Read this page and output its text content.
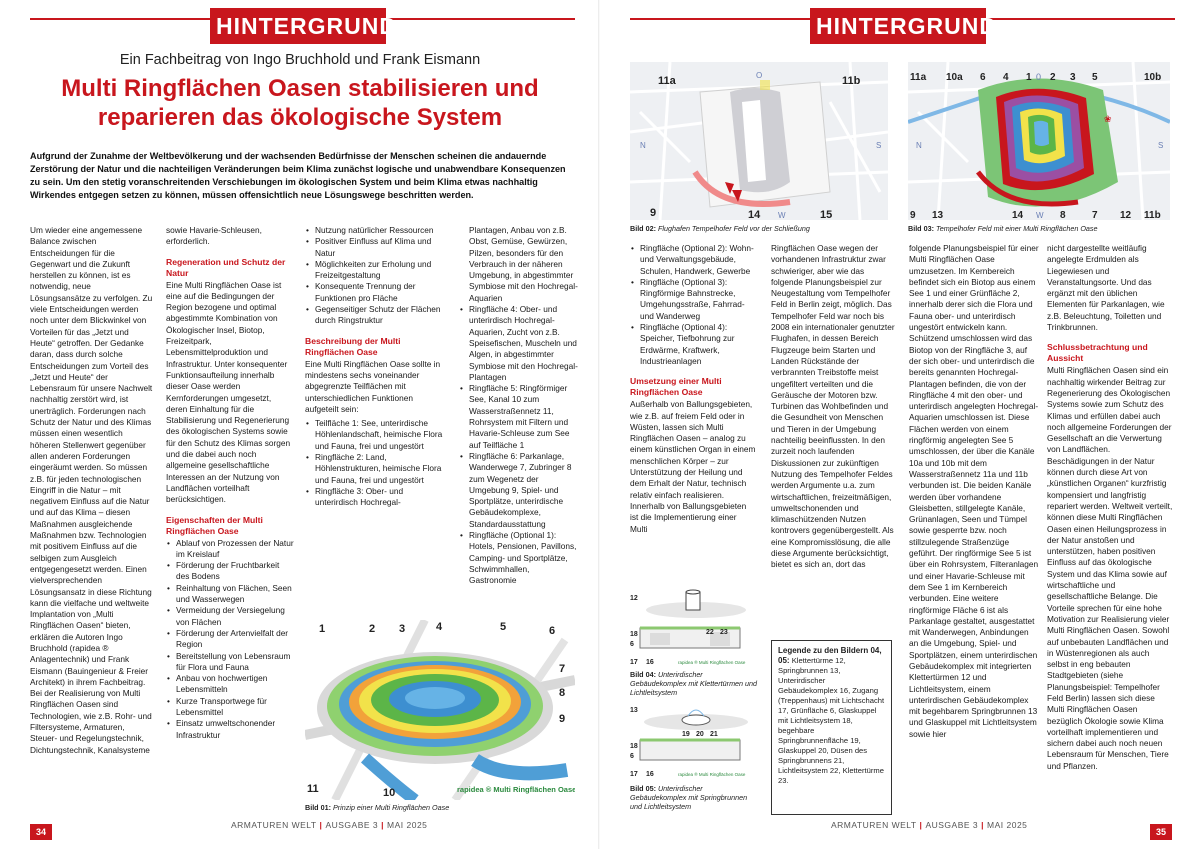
HINTERGRUND
Ein Fachbeitrag von Ingo Bruchhold und Frank Eismann
Multi Ringflächen Oasen stabilisieren und
reparieren das ökologische System
Aufgrund der Zunahme der Weltbevölkerung und der wachsenden Bedürfnisse der Menschen scheinen die andauernde Zerstörung der Natur und die nachteiligen Veränderungen beim Klima zunächst logische und unabwendbare Konsequenzen zu sein. Um den stetig voranschreitenden Verschiebungen im ökologischen System und beim Klima etwas nachhaltig Wirkendes entgegen setzen zu können, müssen offensichtlich neue Lösungswege beschritten werden.

Um wieder eine angemessene Balance zwischen Entscheidungen für die Gegenwart und die Zukunft herstellen zu können, ist es notwendig, neue Lösungsansätze zu verfolgen. Zu viele Entscheidungen werden noch unter dem Blickwinkel von Vorteilen für das „Jetzt und Heute“ getroffen. Der Gedanke daran, dass durch solche Entscheidungen zum Vorteil des „Jetzt und Heute“ der Lebensraum für unsere Nachwelt nachhaltig zerstört wird, ist unerträglich. Forderungen nach Schutz der Natur und des Klimas müssen einen wesentlich höheren Stellenwert gegenüber allen anderen Forderungen eingeräumt werden. So müssen z.B. für jeden technologischen Eingriff in die Natur – mit negativem Einfluss auf die Natur und auf das Klima – diesen Maßnahmen ausgleichende Maßnahmen bzw. Technologien mit positivem Einfluss auf die selbigen zum Ausgleich entgegengesetzt werden. Einen vielversprechenden Lösungsansatz in diese Richtung kann die vielfache und weltweite Implantation von „Multi Ringflächen Oasen“ bieten, erklären die Autoren Ingo Bruchhold (rapidea ® Anlagentechnik) und Frank Eismann (Bauingenieur & Freier Architekt) in ihrem Fachbeitrag. Bei der Realisierung von Multi Ringflächen Oasen sind Technologien, wie z.B. Rohr- und Filtersysteme, Armaturen, Steuer- und Regelungstechnik, Dichtungstechnik, Kanalsysteme

sowie Havarie-Schleusen, erforderlich.

Regeneration und Schutz der Natur

Eine Multi Ringflächen Oase ist eine auf die Bedingungen der Region bezogene und optimal abgestimmte Kombination von Ökologischer Insel, Biotop, Freizeitpark, Lebensmittelproduktion und Infrastruktur. Unter konsequenter Funktionsaufteilung innerhalb dieser Oase werden Kernforderungen umgesetzt, deren Einhaltung für die Stabilisierung und Regenerierung des ökologischen Systems sowie für den Schutz des Klimas sorgen und die dabei auch noch allgemeine gesellschaftliche Interessen an der Nutzung von Landflächen vorteilhaft berücksichtigen.

Eigenschaften der Multi Ringflächen Oase
• Ablauf von Prozessen der Natur im Kreislauf
• Förderung der Fruchtbarkeit des Bodens
• Reinhaltung von Flächen, Seen und Wasserwegen
• Vermeidung der Versiegelung von Flächen
• Förderung der Artenvielfalt der Region
• Bereitstellung von Lebensraum für Flora und Fauna
• Anbau von hochwertigen Lebensmitteln
• Kurze Transportwege für Lebensmittel
• Einsatz umweltschonender Infrastruktur
• Nutzung natürlicher Ressourcen
• Positiver Einfluss auf Klima und Natur
• Möglichkeiten zur Erholung und Freizeitgestaltung
• Konsequente Trennung der Funktionen pro Fläche
• Gegenseitiger Schutz der Flächen durch Ringstruktur
Beschreibung der Multi Ringflächen Oase

Eine Multi Ringflächen Oase sollte in mindestens sechs voneinander abgegrenzte Teilflächen mit unterschiedlichen Funktionen aufgeteilt sein:

• Teilfläche 1: See, unterirdische Höhlenlandschaft, heimische Flora und Fauna, frei und ungestört
• Ringfläche 2: Land, Höhlenstrukturen, heimische Flora und Fauna, frei und ungestört
• Ringfläche 3: Ober- und unterirdisch Hochregal-

Plantagen, Anbau von z.B. Obst, Gemüse, Gewürzen, Pilzen, besonders für den Verbrauch in der näheren Umgebung, in abgestimmter Symbiose mit den Hochregal-Aquarien

• Ringfläche 4: Ober- und unterirdisch Hochregal-Aquarien, Zucht von z.B. Speisefischen, Muscheln und Algen, in abgestimmter Symbiose mit den Hochregal-Plantagen
• Ringfläche 5: Ringförmiger See, Kanal 10 zum Wasserstraßennetz 11, Rohrsystem mit Filtern und Havarie-Schleuse zum See auf Teilfläche 1
• Ringfläche 6: Parkanlage, Wanderwege 7, Zubringer 8 zum Wegenetz der Umgebung 9, Spiel- und Sportplätze, unterirdische Gebäudekomplexe, Standardausstattung
• Ringfläche (Optional 1): Hotels, Pensionen, Pavillons, Camping- und Sportplätze, Schwimmhallen, Gastronomie
1	2 3	4	5	6
7
8
9
10
11	rapidea ® Multi Ringflächen Oase
Bild 01: Prinzip einer Multi Ringflächen Oase
34
ARMATUREN WELT | AUSGABE 3 | MAI 2025
HINTERGRUND
11a	11b
N	S
O
W
9	14	15
Bild 02: Flughafen Tempelhofer Feld vor der Schließung
❀
11a 10a 6 4 1 0 2 3 5	10b
N	S
9 13	14 W 8	7 12 11b
Bild 03: Tempelhofer Feld mit einer Multi Ringflächen Oase
• Ringfläche (Optional 2): Wohn- und Verwaltungsgebäude, Schulen, Handwerk, Gewerbe
• Ringfläche (Optional 3): Ringförmige Bahnstrecke, Umgehungsstraße, Fahrrad- und Wanderweg
• Ringfläche (Optional 4): Speicher, Tiefbohrung zur Erdwärme, Kraftwerk, Industrieanlagen
Umsetzung einer Multi Ringflächen Oase

Außerhalb von Ballungsgebieten, wie z.B. auf freiem Feld oder in Wüsten, lassen sich Multi Ringflächen Oasen – analog zu einem künstlichen Organ in einem menschlichen Körper – zur Unterstützung der Heilung und dem Erhalt der Natur, technisch relativ einfach realisieren. Innerhalb von Ballungsgebieten ist die Implementierung einer Multi

12
22 23
18
6
17 16	rapidea ® Multi Ringflächen Oase
Bild 04: Unterirdischer Gebäudekomplex mit Klettertürmen und Lichtleitsystem
13
19 20 21
18
6
17 16	rapidea ® Multi Ringflächen Oase
Bild 05: Unterirdischer Gebäudekomplex mit Springbrunnen und Lichtleitsystem

Ringflächen Oase wegen der vorhandenen Infrastruktur zwar schwieriger, aber wie das folgende Planungsbeispiel zur Neugestaltung vom Tempelhofer Feld in Berlin zeigt, möglich. Das Tempelhofer Feld war noch bis 2008 ein internationaler genutzter Flughafen, in dessen Bereich Flugzeuge beim Starten und Landen Rückstände der verbrannten Treibstoffe meist ungefiltert verteilten und die Geräusche der Motoren bzw. Turbinen das Wohlbefinden und die Gesundheit von Menschen und Tieren in der Umgebung nachteilig beeinflussten. In den zurzeit noch laufenden Diskussionen zur zukünftigen Nutzung des Tempelhofer Feldes werden Argumente u.a. zum wirtschaftlichen, freizeitmäßigen, umweltschonenden und klimaschützenden Nutzen kontrovers gegenübergestellt. Als eine Kompromisslösung, die alle diese Argumente berücksichtigt, bietet es sich an, dort das

Legende zu den Bildern 04, 05: Klettertürme 12, Springbrunnen 13, Unterirdischer Gebäudekomplex 16, Zugang (Treppenhaus) mit Lichtschacht 17, Grünfläche 6, Glaskuppel mit Lichtleitsystem 18, begehbare Springbrunnenfläche 19, Glaskuppel 20, Düsen des Springbrunnens 21, Lichtleitsystem 22, Klettertürme 23.

folgende Planungsbeispiel für einer Multi Ringflächen Oase umzusetzen. Im Kernbereich befindet sich ein Biotop aus einem See 1 und einer Grünfläche 2, innerhalb derer sich die Flora und Fauna ober- und unterirdisch ungestört entwickeln kann. Schützend umschlossen wird das Biotop von der Ringfläche 3, auf der sich ober- und unterirdisch die bereits genannten Hochregal-Plantagen befinden, die von der Ringfläche 4 mit den ober- und unterirdisch angelegten Hochregal-Aquarien umschlossen ist. Diese Flächen werden von einem ringförmig angelegten See 5 umschlossen, der über die Kanäle 10a und 10b mit dem Wasserstraßennetz 11a und 11b verbunden ist. Die beiden Kanäle werden über vorhandene Gleisbetten, stillgelegte Kanäle, Grünanlagen, Seen und Tümpel sowie gesperrte bzw. noch stillzulegende Straßenzüge geführt. Der ringförmige See 5 ist über ein Rohrsystem, Filteranlagen und einer Havarie-Schleuse mit dem See 1 im Kernbereich verbunden. Eine weitere ringförmige Fläche 6 ist als Parkanlage gestaltet, ausgestattet mit Wanderwegen, Anbindungen an die Umgebung, Spiel- und Sportplätzen, einem unterirdischen Gebäudekomplex mit integrierten Klettertürmen 12 und Lichtleitsystem, einem unterirdischen Gebäudekomplex mit begehbarem Springbrunnen 13 und Glaskuppel mit Lichtleitsystem sowie hier

nicht dargestellte weitläufig angelegte Erdmulden als Liegewiesen und Veranstaltungsorte. Und das ergänzt mit den üblichen Elementen für Parkanlagen, wie z.B. Beleuchtung, Toiletten und Trinkbrunnen.

Schlussbetrachtung und Aussicht

Multi Ringflächen Oasen sind ein nachhaltig wirkender Beitrag zur Regenerierung des Ökologischen Systems sowie zum Schutz des Klimas und erfüllen dabei auch noch allgemeine Forderungen der Gesellschaft an die Verwertung von Landflächen. Beschädigungen in der Natur können durch diese Art von „künstlichen Organen“ kurzfristig kompensiert und langfristig repariert werden. Weltweit verteilt, können diese Multi Ringflächen Oasen einen Heilungsprozess in der Natur anstoßen und unterstützen, haben positiven Einfluss auf das ökologische System und das Klima sowie auf wirtschaftliche und gesellschaftliche Belange. Die Vorteile sprechen für eine hohe Motivation zur Realisierung vieler Multi Ringflächen Oasen. Sowohl auf unbebauten Landflächen und in Wüstenregionen als auch selbst in eng bebauten Stadtgebieten (siehe Planungsbeispiel: Tempelhofer Feld Berlin) lassen sich diese Multi Ringflächen Oasen bezüglich Ökologie sowie Klima vorteilhaft implementieren und sichern dabei auch noch neuen Lebensraum für Menschen, Tiere und Pflanzen.

ARMATUREN WELT | AUSGABE 3 | MAI 2025
35
